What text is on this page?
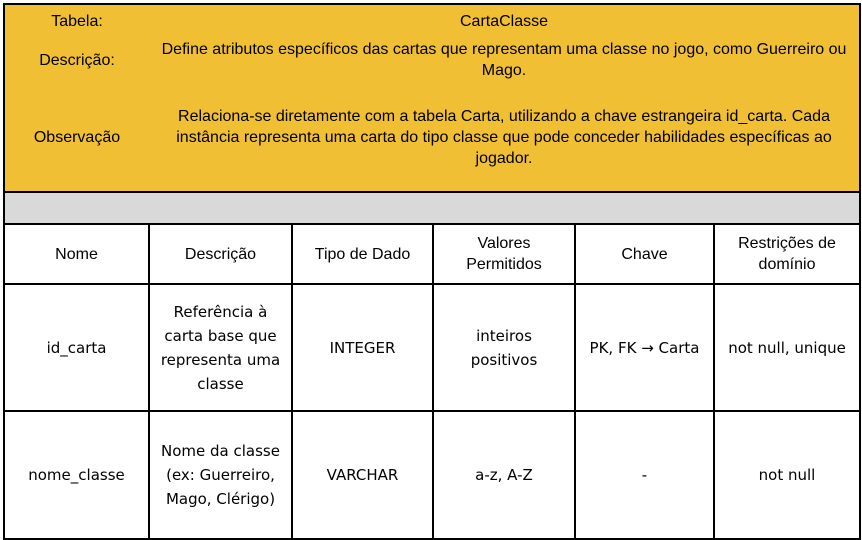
Tabela:	CartaClasse				
Descrição:	Define atributos específicos das cartas que representam uma classe no jogo, como Guerreiro ou Mago.				
Observação	Relaciona-se diretamente com a tabela Carta, utilizando a chave estrangeira id_carta. Cada instância representa uma carta do tipo classe que pode conceder habilidades específicas ao jogador.				

Nome	Descrição	Tipo de Dado	Valores Permitidos	Chave	Restrições de domínio
id_carta	Referência à carta base que representa uma classe	INTEGER	inteiros positivos	PK, FK → Carta	not null, unique
nome_classe	Nome da classe (ex: Guerreiro, Mago, Clérigo)	VARCHAR	a-z, A-Z	-	not null
